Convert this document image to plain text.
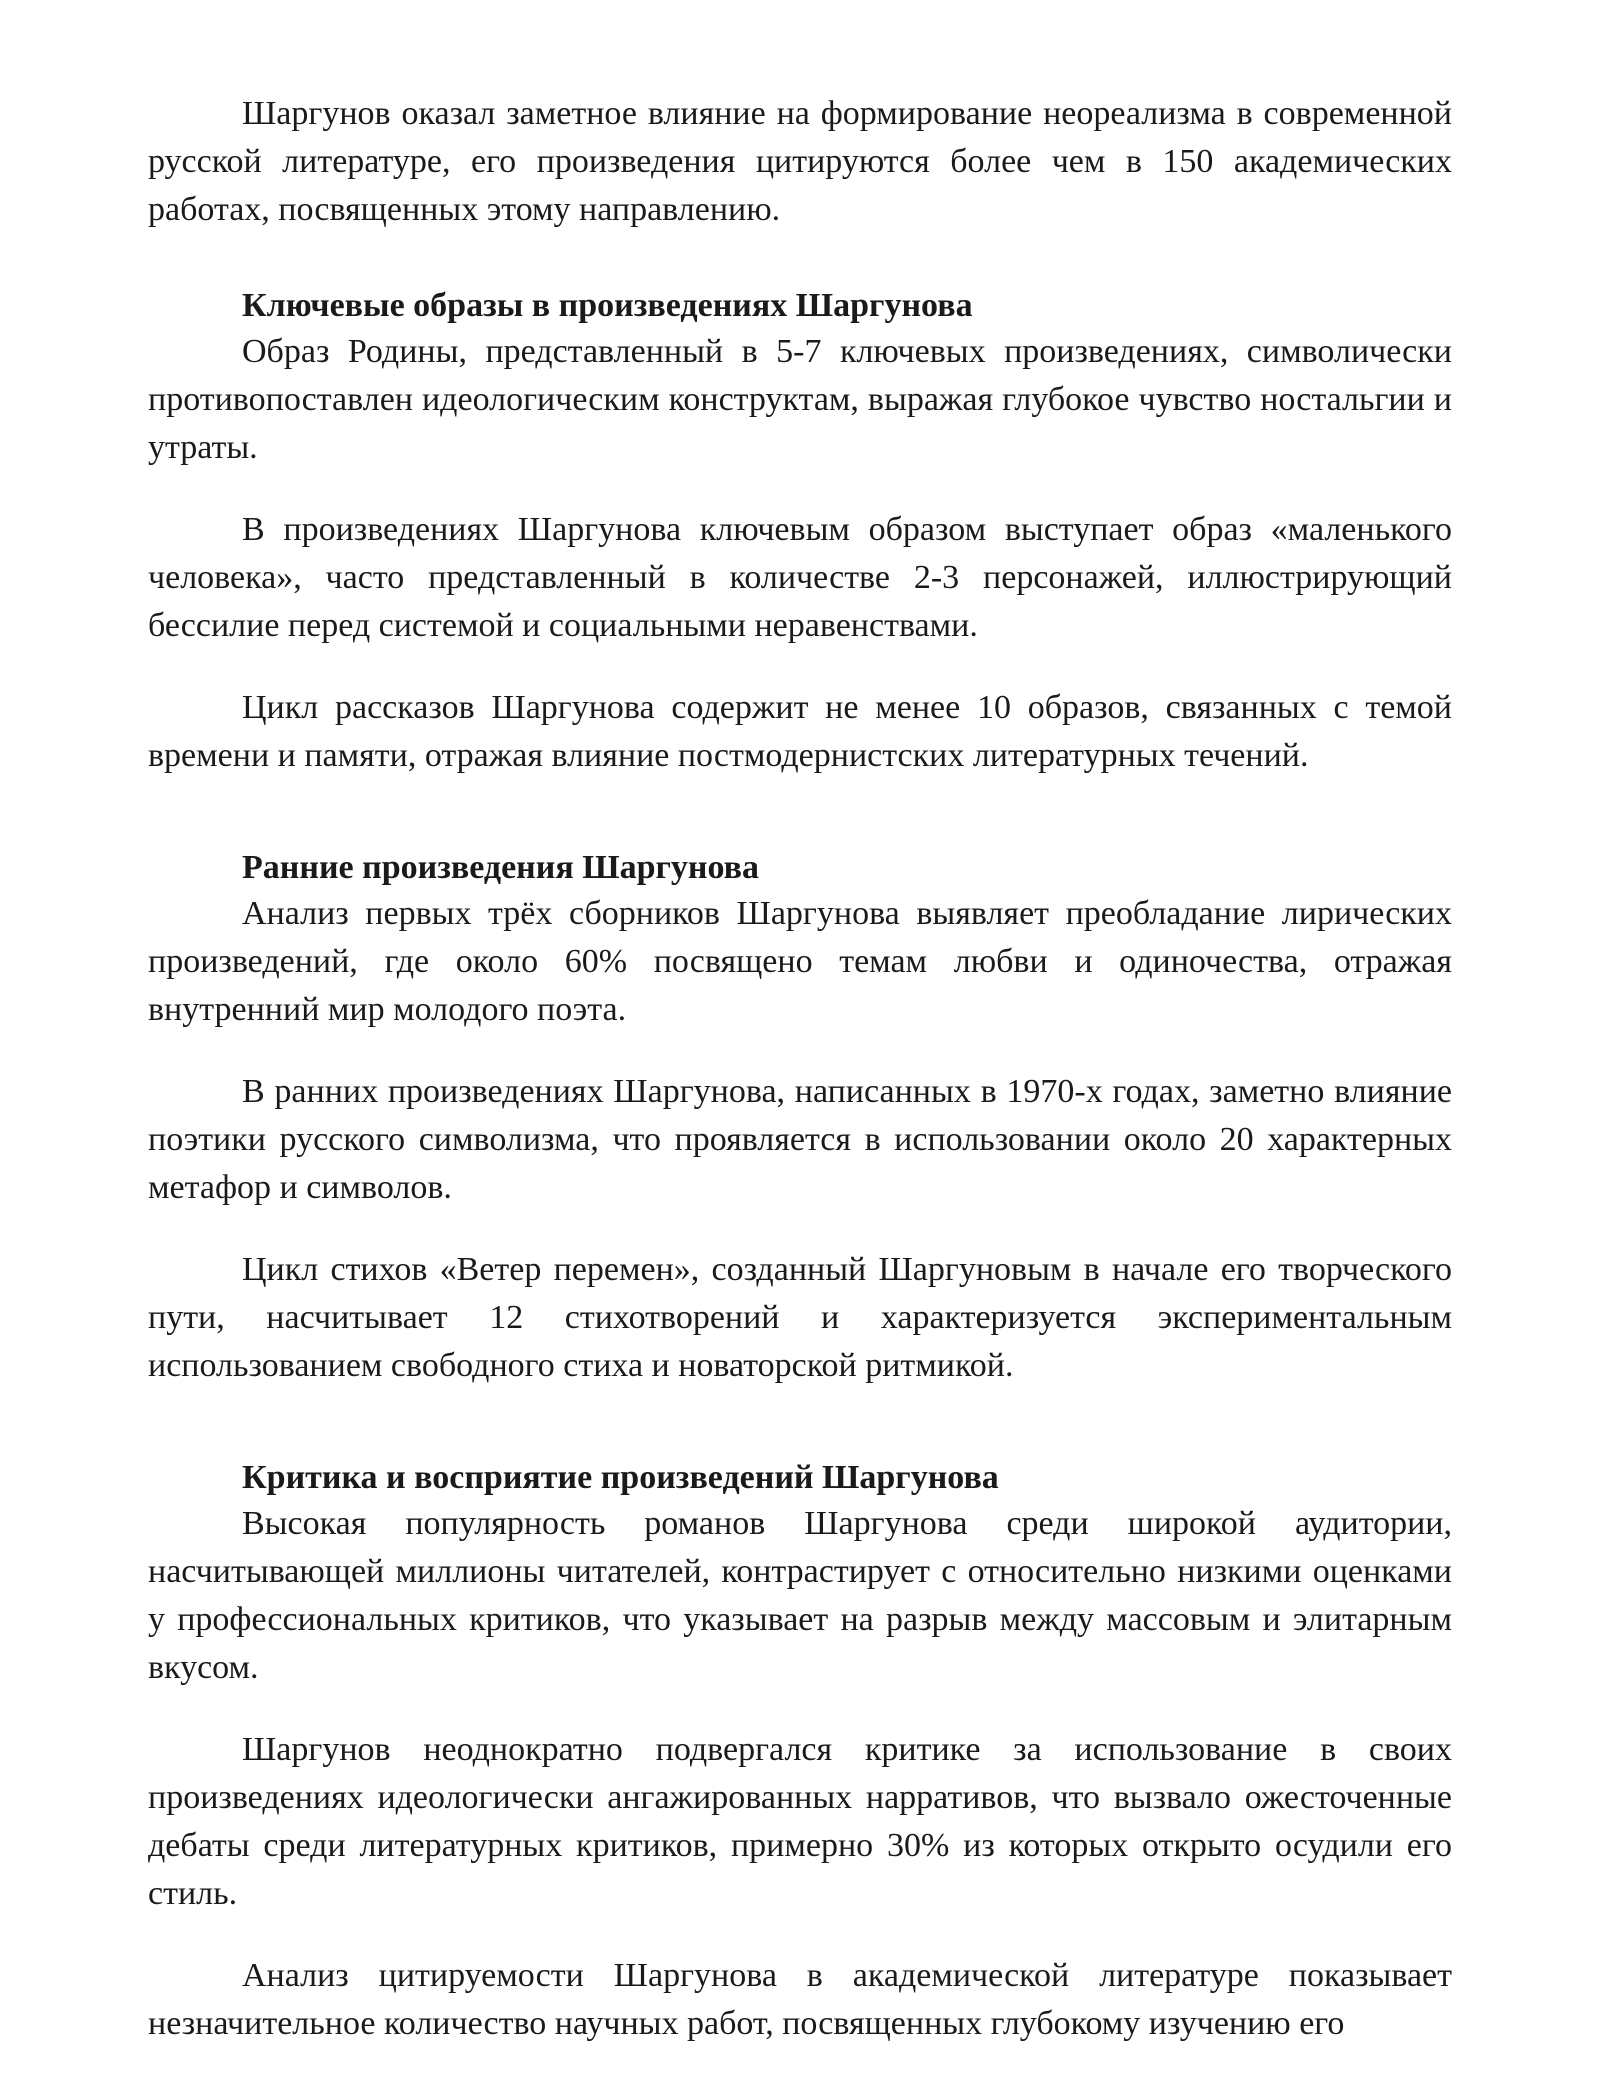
Шаргунов оказал заметное влияние на формирование неореализма в современной русской литературе, его произведения цитируются более чем в 150 академических работах, посвященных этому направлению.

Ключевые образы в произведениях Шаргунова

Образ Родины, представленный в 5-7 ключевых произведениях, символически противопоставлен идеологическим конструктам, выражая глубокое чувство ностальгии и утраты.

В произведениях Шаргунова ключевым образом выступает образ «маленького человека», часто представленный в количестве 2-3 персонажей, иллюстрирующий бессилие перед системой и социальными неравенствами.

Цикл рассказов Шаргунова содержит не менее 10 образов, связанных с темой времени и памяти, отражая влияние постмодернистских литературных течений.

Ранние произведения Шаргунова

Анализ первых трёх сборников Шаргунова выявляет преобладание лирических произведений, где около 60% посвящено темам любви и одиночества, отражая внутренний мир молодого поэта.

В ранних произведениях Шаргунова, написанных в 1970-х годах, заметно влияние поэтики русского символизма, что проявляется в использовании около 20 характерных метафор и символов.

Цикл стихов «Ветер перемен», созданный Шаргуновым в начале его творческого пути, насчитывает 12 стихотворений и характеризуется экспериментальным использованием свободного стиха и новаторской ритмикой.

Критика и восприятие произведений Шаргунова

Высокая популярность романов Шаргунова среди широкой аудитории, насчитывающей миллионы читателей, контрастирует с относительно низкими оценками у профессиональных критиков, что указывает на разрыв между массовым и элитарным вкусом.

Шаргунов неоднократно подвергался критике за использование в своих произведениях идеологически ангажированных нарративов, что вызвало ожесточенные дебаты среди литературных критиков, примерно 30% из которых открыто осудили его стиль.

Анализ цитируемости Шаргунова в академической литературе показывает незначительное количество научных работ, посвященных глубокому изучению его
